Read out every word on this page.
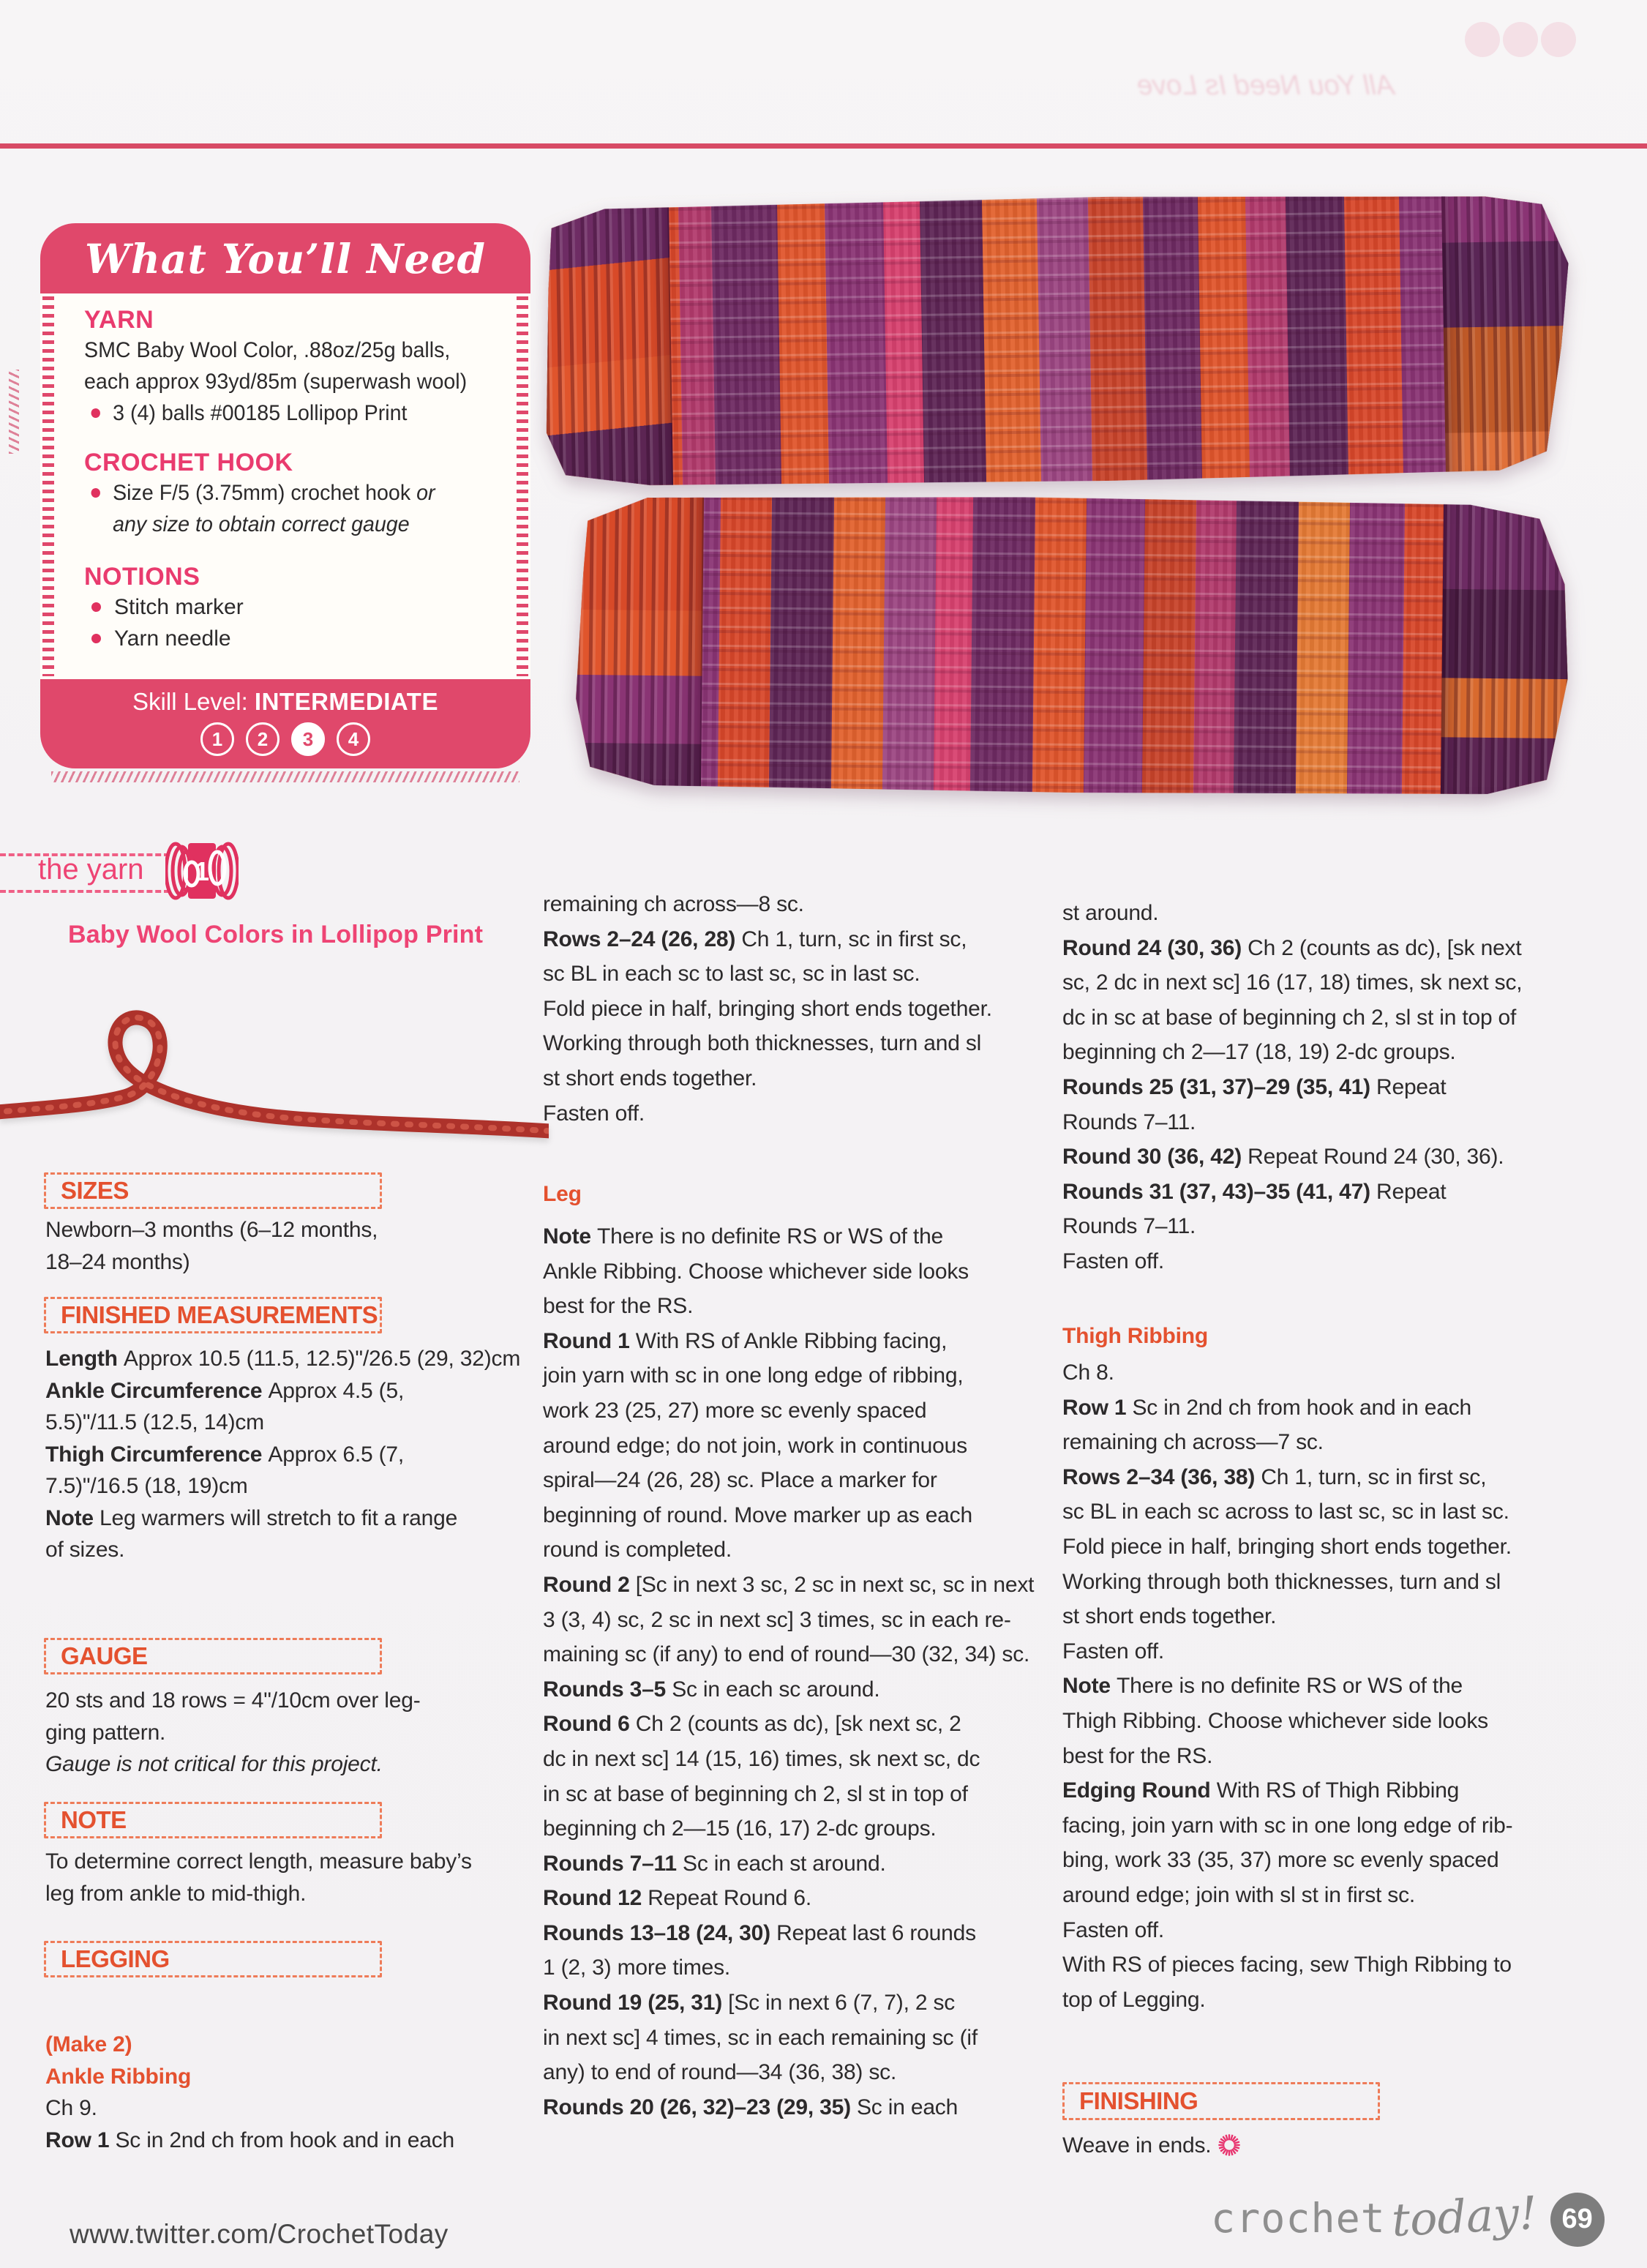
All You Need Is Love
What You’ll Need
YARN
SMC Baby Wool Color, .88oz/25g balls,
each approx 93yd/85m (superwash wool)
3 (4) balls #00185 Lollipop Print
CROCHET HOOK
Size F/5 (3.75mm) crochet hook or
any size to obtain correct gauge
NOTIONS
Stitch marker
Yarn needle
Skill Level: INTERMEDIATE
1	2	3	4
the yarn 1
Baby Wool Colors in Lollipop Print
SIZES
Newborn–3 months (6–12 months,
18–24 months)
FINISHED MEASUREMENTS
Length Approx 10.5 (11.5, 12.5)"/26.5 (29, 32)cm
Ankle Circumference Approx 4.5 (5,
5.5)"/11.5 (12.5, 14)cm
Thigh Circumference Approx 6.5 (7,
7.5)"/16.5 (18, 19)cm
Note Leg warmers will stretch to fit a range
of sizes.
GAUGE
20 sts and 18 rows = 4"/10cm over leg-
ging pattern.
Gauge is not critical for this project.
NOTE
To determine correct length, measure baby’s
leg from ankle to mid-thigh.
LEGGING
(Make 2)
Ankle Ribbing
Ch 9.
Row 1 Sc in 2nd ch from hook and in each
remaining ch across—8 sc.
Rows 2–24 (26, 28) Ch 1, turn, sc in first sc,
sc BL in each sc to last sc, sc in last sc.
Fold piece in half, bringing short ends together.
Working through both thicknesses, turn and sl
st short ends together.
Fasten off.
Leg
Note There is no definite RS or WS of the
Ankle Ribbing. Choose whichever side looks
best for the RS.
Round 1 With RS of Ankle Ribbing facing,
join yarn with sc in one long edge of ribbing,
work 23 (25, 27) more sc evenly spaced
around edge; do not join, work in continuous
spiral—24 (26, 28) sc. Place a marker for
beginning of round. Move marker up as each
round is completed.
Round 2 [Sc in next 3 sc, 2 sc in next sc, sc in next
3 (3, 4) sc, 2 sc in next sc] 3 times, sc in each re-
maining sc (if any) to end of round—30 (32, 34) sc.
Rounds 3–5 Sc in each sc around.
Round 6 Ch 2 (counts as dc), [sk next sc, 2
dc in next sc] 14 (15, 16) times, sk next sc, dc
in sc at base of beginning ch 2, sl st in top of
beginning ch 2—15 (16, 17) 2-dc groups.
Rounds 7–11 Sc in each st around.
Round 12 Repeat Round 6.
Rounds 13–18 (24, 30) Repeat last 6 rounds
1 (2, 3) more times.
Round 19 (25, 31) [Sc in next 6 (7, 7), 2 sc
in next sc] 4 times, sc in each remaining sc (if
any) to end of round—34 (36, 38) sc.
Rounds 20 (26, 32)–23 (29, 35) Sc in each
st around.
Round 24 (30, 36) Ch 2 (counts as dc), [sk next
sc, 2 dc in next sc] 16 (17, 18) times, sk next sc,
dc in sc at base of beginning ch 2, sl st in top of
beginning ch 2—17 (18, 19) 2-dc groups.
Rounds 25 (31, 37)–29 (35, 41) Repeat
Rounds 7–11.
Round 30 (36, 42) Repeat Round 24 (30, 36).
Rounds 31 (37, 43)–35 (41, 47) Repeat
Rounds 7–11.
Fasten off.
Thigh Ribbing
Ch 8.
Row 1 Sc in 2nd ch from hook and in each
remaining ch across—7 sc.
Rows 2–34 (36, 38) Ch 1, turn, sc in first sc,
sc BL in each sc across to last sc, sc in last sc.
Fold piece in half, bringing short ends together.
Working through both thicknesses, turn and sl
st short ends together.
Fasten off.
Note There is no definite RS or WS of the
Thigh Ribbing. Choose whichever side looks
best for the RS.
Edging Round With RS of Thigh Ribbing
facing, join yarn with sc in one long edge of rib-
bing, work 33 (35, 37) more sc evenly spaced
around edge; join with sl st in first sc.
Fasten off.
With RS of pieces facing, sew Thigh Ribbing to
top of Legging.
FINISHING
Weave in ends.
www.twitter.com/CrochetToday	crochet today! 69
